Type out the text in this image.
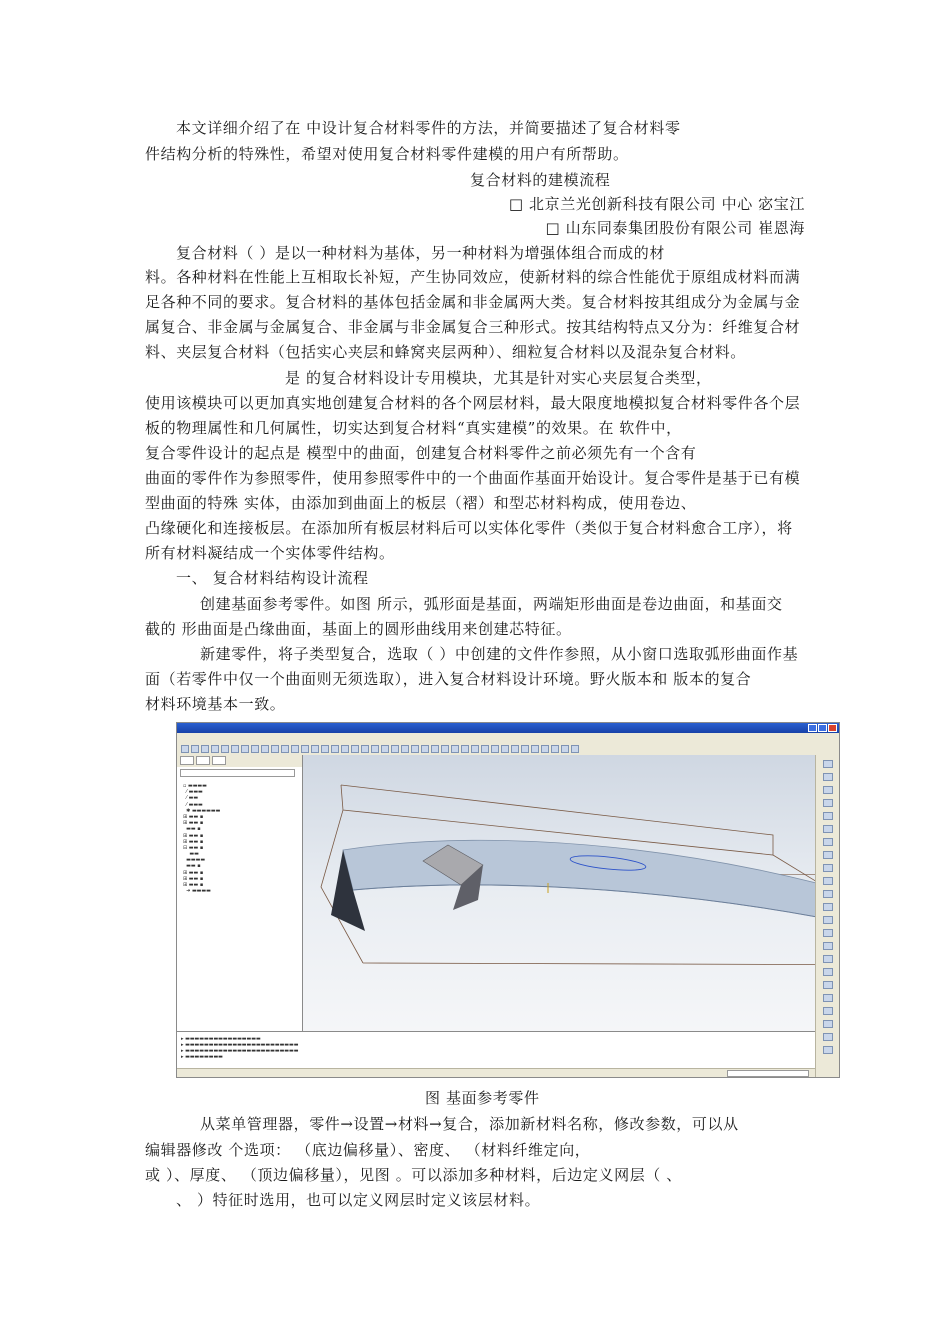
本文详细介绍了在 中设计复合材料零件的方法，并简要描述了复合材料零
件结构分析的特殊性，希望对使用复合材料零件建模的用户有所帮助。
复合材料的建模流程
□ 北京兰光创新科技有限公司 中心 宓宝江
□ 山东同泰集团股份有限公司 崔恩海
复合材料（ ）是以一种材料为基体，另一种材料为增强体组合而成的材
料。各种材料在性能上互相取长补短，产生协同效应，使新材料的综合性能优于原组成材料而满
足各种不同的要求。复合材料的基体包括金属和非金属两大类。复合材料按其组成分为金属与金
属复合、非金属与金属复合、非金属与非金属复合三种形式。按其结构特点又分为：纤维复合材
料、夹层复合材料（包括实心夹层和蜂窝夹层两种）、细粒复合材料以及混杂复合材料。
是 的复合材料设计专用模块，尤其是针对实心夹层复合类型，
使用该模块可以更加真实地创建复合材料的各个网层材料，最大限度地模拟复合材料零件各个层
板的物理属性和几何属性，切实达到复合材料“真实建模”的效果。在 软件中，
复合零件设计的起点是 模型中的曲面，创建复合材料零件之前必须先有一个含有
曲面的零件作为参照零件，使用参照零件中的一个曲面作基面开始设计。复合零件是基于已有模
型曲面的特殊 实体，由添加到曲面上的板层（褶）和型芯材料构成，使用卷边、
凸缘硬化和连接板层。在添加所有板层材料后可以实体化零件（类似于复合材料愈合工序），将
所有材料凝结成一个实体零件结构。
一、 复合材料结构设计流程
创建基面参考零件。如图 所示，弧形面是基面，两端矩形曲面是卷边曲面，和基面交
截的 形曲面是凸缘曲面，基面上的圆形曲线用来创建芯特征。
新建零件，将子类型复合，选取（ ）中创建的文件作参照，从小窗口选取弧形曲面作基
面（若零件中仅一个曲面则无须选取），进入复合材料设计环境。野火版本和 版本的复合
材料环境基本一致。
▫ ▬▬▬▬
⁄ ▬▬▬
⁄ ▬▬
⁄ ▬▬▬
✱ ▬▬▬▬▬▬
⊞ ▬▬ ▪
⊞ ▬▬ ▪
▬▬ ▪
⊞ ▬▬ ▪
⊞ ▬▬ ▪
⊟ ▬▬ ▪
▬▬
▬▬▬▬
▬▬ ▪
⊞ ▬▬ ▪
⊞ ▬▬ ▪
⊞ ▬▬ ▪
➜ ▬▬▬▬
▸ ▬▬▬▬▬▬▬▬▬▬▬▬▬▬▬▬
▸ ▬▬▬▬▬▬▬▬▬▬▬▬▬▬▬▬▬▬▬▬▬▬▬▬
▸ ▬▬▬▬▬▬▬▬▬▬▬▬▬▬▬▬▬▬▬▬▬▬▬▬
▸ ▬▬▬▬▬▬▬▬
图 基面参考零件
从菜单管理器，零件→设置→材料→复合，添加新材料名称，修改参数，可以从
编辑器修改 个选项： （底边偏移量）、密度、 （材料纤维定向，
或 ）、厚度、 （顶边偏移量），见图 。可以添加多种材料，后边定义网层（ 、
、 ）特征时选用，也可以定义网层时定义该层材料。
